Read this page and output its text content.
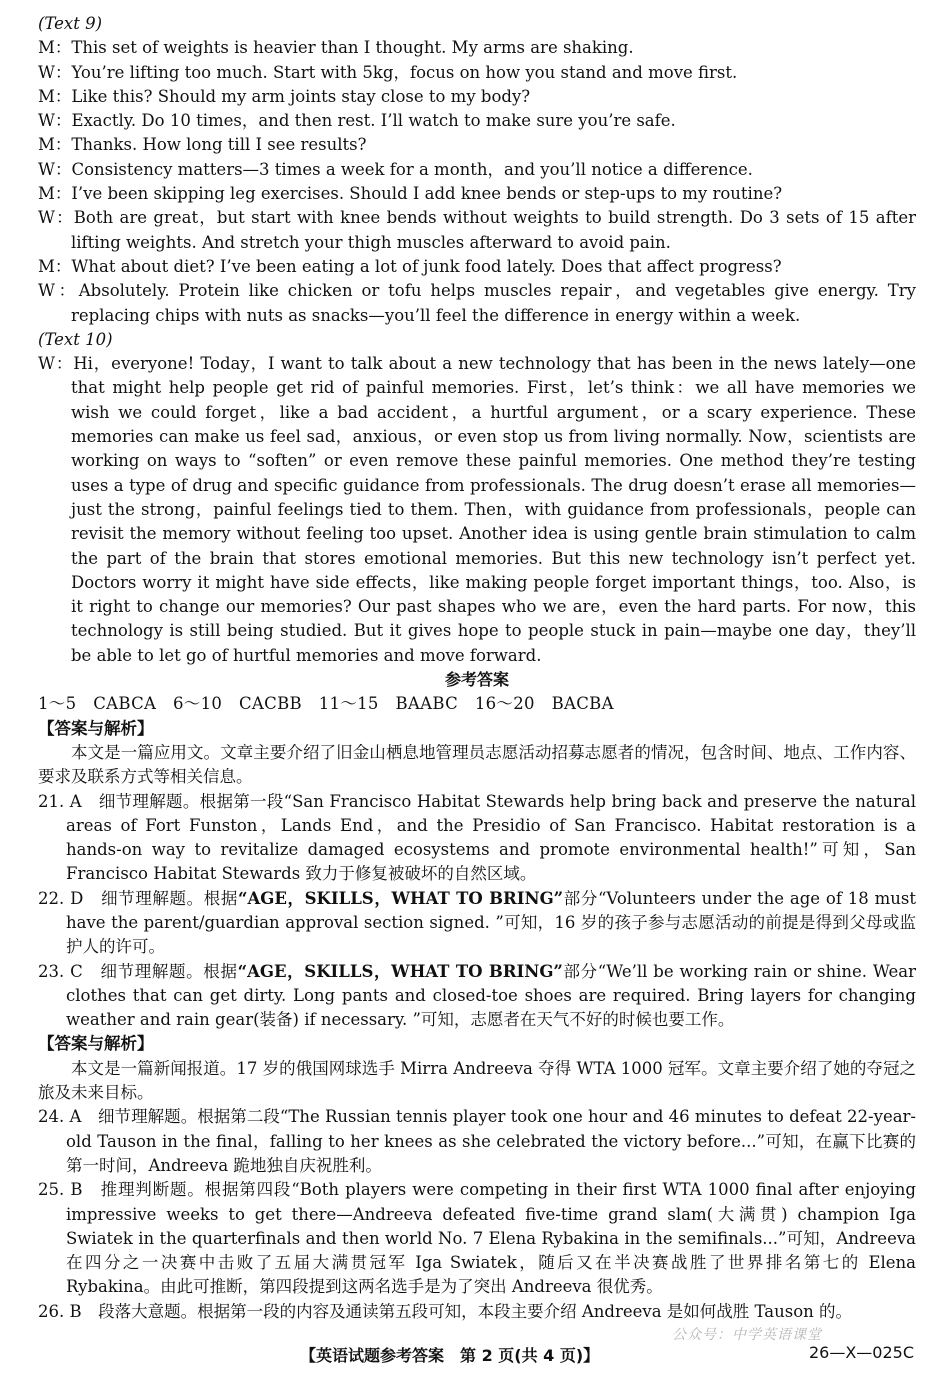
(Text 9)
M：This set of weights is heavier than I thought. My arms are shaking.
W：You’re lifting too much. Start with 5kg，focus on how you stand and move first.
M：Like this? Should my arm joints stay close to my body?
W：Exactly. Do 10 times，and then rest. I’ll watch to make sure you’re safe.
M：Thanks. How long till I see results?
W：Consistency matters—3 times a week for a month，and you’ll notice a difference.
M：I’ve been skipping leg exercises. Should I add knee bends or step-ups to my routine?
W：Both are great，but start with knee bends without weights to build strength. Do 3 sets of 15 after lifting weights. And stretch your thigh muscles afterward to avoid pain.
M：What about diet? I’ve been eating a lot of junk food lately. Does that affect progress?
W：Absolutely. Protein like chicken or tofu helps muscles repair，and vegetables give energy. Try replacing chips with nuts as snacks—you’ll feel the difference in energy within a week.
(Text 10)
W：Hi，everyone! Today，I want to talk about a new technology that has been in the news lately—one that might help people get rid of painful memories. First，let’s think：we all have memories we wish we could forget，like a bad accident，a hurtful argument，or a scary experience. These memories can make us feel sad，anxious，or even stop us from living normally. Now，scientists are working on ways to “soften” or even remove these painful memories. One method they’re testing uses a type of drug and specific guidance from professionals. The drug doesn’t erase all memories—just the strong，painful feelings tied to them. Then，with guidance from professionals，people can revisit the memory without feeling too upset. Another idea is using gentle brain stimulation to calm the part of the brain that stores emotional memories. But this new technology isn’t perfect yet. Doctors worry it might have side effects，like making people forget important things，too. Also，is it right to change our memories? Our past shapes who we are，even the hard parts. For now，this technology is still being studied. But it gives hope to people stuck in pain—maybe one day，they’ll be able to let go of hurtful memories and move forward.
参考答案
1～5　CABCA　6～10　CACBB　11～15　BAABC　16～20　BACBA
【答案与解析】
本文是一篇应用文。文章主要介绍了旧金山栖息地管理员志愿活动招募志愿者的情况，包含时间、地点、工作内容、要求及联系方式等相关信息。
21. A　 细节理解题。根据第一段“San Francisco Habitat Stewards help bring back and preserve the natural areas of Fort Funston，Lands End，and the Presidio of San Francisco. Habitat restoration is a hands-on way to revitalize damaged ecosystems and promote environmental health!”可知，San Francisco Habitat Stewards 致力于修复被破坏的自然区域。
22. D　 细节理解题。根据“AGE，SKILLS，WHAT TO BRING”部分“Volunteers under the age of 18 must have the parent/guardian approval section signed. ”可知，16 岁的孩子参与志愿活动的前提是得到父母或监护人的许可。
23. C　 细节理解题。根据“AGE，SKILLS，WHAT TO BRING”部分“We’ll be working rain or shine. Wear clothes that can get dirty. Long pants and closed-toe shoes are required. Bring layers for changing weather and rain gear(装备) if necessary. ”可知，志愿者在天气不好的时候也要工作。
【答案与解析】
本文是一篇新闻报道。17 岁的俄国网球选手 Mirra Andreeva 夺得 WTA 1000 冠军。文章主要介绍了她的夺冠之旅及未来目标。
24. A　 细节理解题。根据第二段“The Russian tennis player took one hour and 46 minutes to defeat 22-year-old Tauson in the final，falling to her knees as she celebrated the victory before...”可知，在赢下比赛的第一时间，Andreeva 跪地独自庆祝胜利。
25. B　 推理判断题。根据第四段“Both players were competing in their first WTA 1000 final after enjoying impressive weeks to get there—Andreeva defeated five-time grand slam(大满贯) champion Iga Swiatek in the quarterfinals and then world No. 7 Elena Rybakina in the semifinals...”可知，Andreeva 在四分之一决赛中击败了五届大满贯冠军 Iga Swiatek，随后又在半决赛战胜了世界排名第七的 Elena Rybakina。由此可推断，第四段提到这两名选手是为了突出 Andreeva 很优秀。
26. B　 段落大意题。根据第一段的内容及通读第五段可知，本段主要介绍 Andreeva 是如何战胜 Tauson 的。
公众号：中学英语课堂
【英语试题参考答案　第 2 页(共 4 页)】	26—X—025C
